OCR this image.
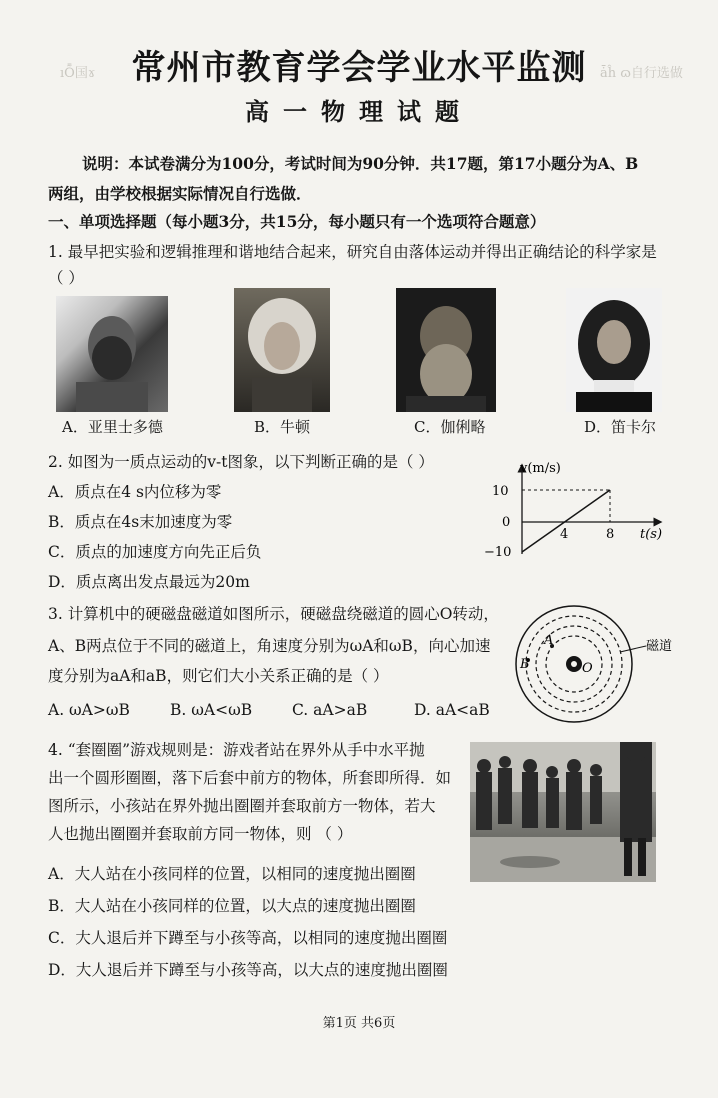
ıȬ国ɤ	ǡĥ ɷ自行选做
常州市教育学会学业水平监测
高一物理试题
说明：本试卷满分为100分，考试时间为90分钟．共17题，第17小题分为A、B
两组，由学校根据实际情况自行选做．
一、单项选择题（每小题3分，共15分，每小题只有一个选项符合题意）
1. 最早把实验和逻辑推理和谐地结合起来，研究自由落体运动并得出正确结论的科学家是
（ ）
A．亚里士多德	B．牛顿	C．伽俐略	D．笛卡尔
2. 如图为一质点运动的v-t图象，以下判断正确的是（ ）
A．质点在4 s内位移为零
B．质点在4s末加速度为零
C．质点的加速度方向先正后负
D．质点离出发点最远为20m
v(m/s)
t(s)
10
0
−10
4	8
3. 计算机中的硬磁盘磁道如图所示，硬磁盘绕磁道的圆心O转动，
A、B两点位于不同的磁道上，角速度分别为ωA和ωB，向心加速
度分别为aA和aB，则它们大小关系正确的是（ ）
A. ωA>ωB	B. ωA<ωB	C. aA>aB	D. aA<aB
A
B	O
磁道
4. “套圈圈”游戏规则是：游戏者站在界外从手中水平抛
出一个圆形圈圈，落下后套中前方的物体，所套即所得．如
图所示，小孩站在界外抛出圈圈并套取前方一物体，若大
人也抛出圈圈并套取前方同一物体，则 （ ）
A．大人站在小孩同样的位置，以相同的速度抛出圈圈
B．大人站在小孩同样的位置，以大点的速度抛出圈圈
C．大人退后并下蹲至与小孩等高，以相同的速度抛出圈圈
D．大人退后并下蹲至与小孩等高，以大点的速度抛出圈圈
第1页 共6页
